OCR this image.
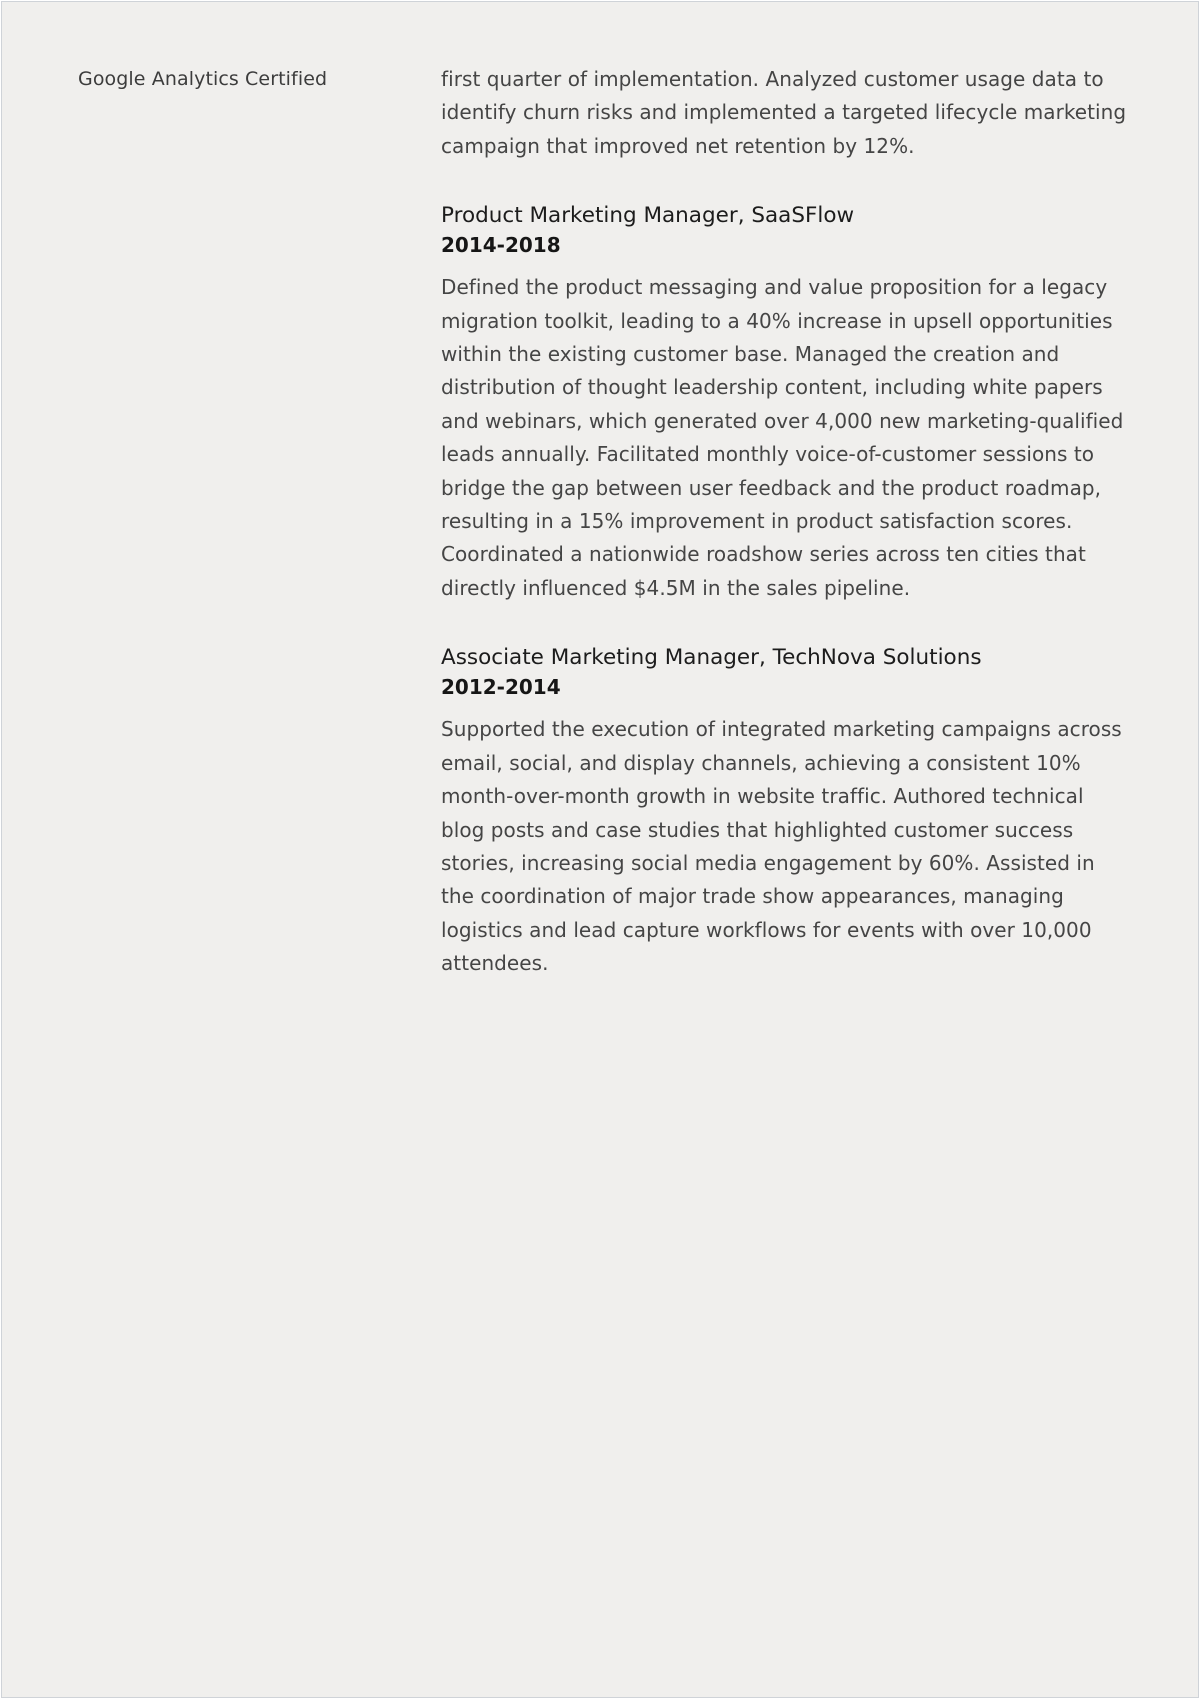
Google Analytics Certified	first quarter of implementation. Analyzed customer usage data to identify churn risks and implemented a targeted lifecycle marketing campaign that improved net retention by 12%.

Product Marketing Manager, SaaSFlow

2014-2018

Defined the product messaging and value proposition for a legacy migration toolkit, leading to a 40% increase in upsell opportunities within the existing customer base. Managed the creation and distribution of thought leadership content, including white papers and webinars, which generated over 4,000 new marketing-qualified leads annually. Facilitated monthly voice-of-customer sessions to bridge the gap between user feedback and the product roadmap, resulting in a 15% improvement in product satisfaction scores. Coordinated a nationwide roadshow series across ten cities that directly influenced $4.5M in the sales pipeline.

Associate Marketing Manager, TechNova Solutions

2012-2014

Supported the execution of integrated marketing campaigns across email, social, and display channels, achieving a consistent 10% month-over-month growth in website traffic. Authored technical blog posts and case studies that highlighted customer success stories, increasing social media engagement by 60%. Assisted in the coordination of major trade show appearances, managing logistics and lead capture workflows for events with over 10,000 attendees.
